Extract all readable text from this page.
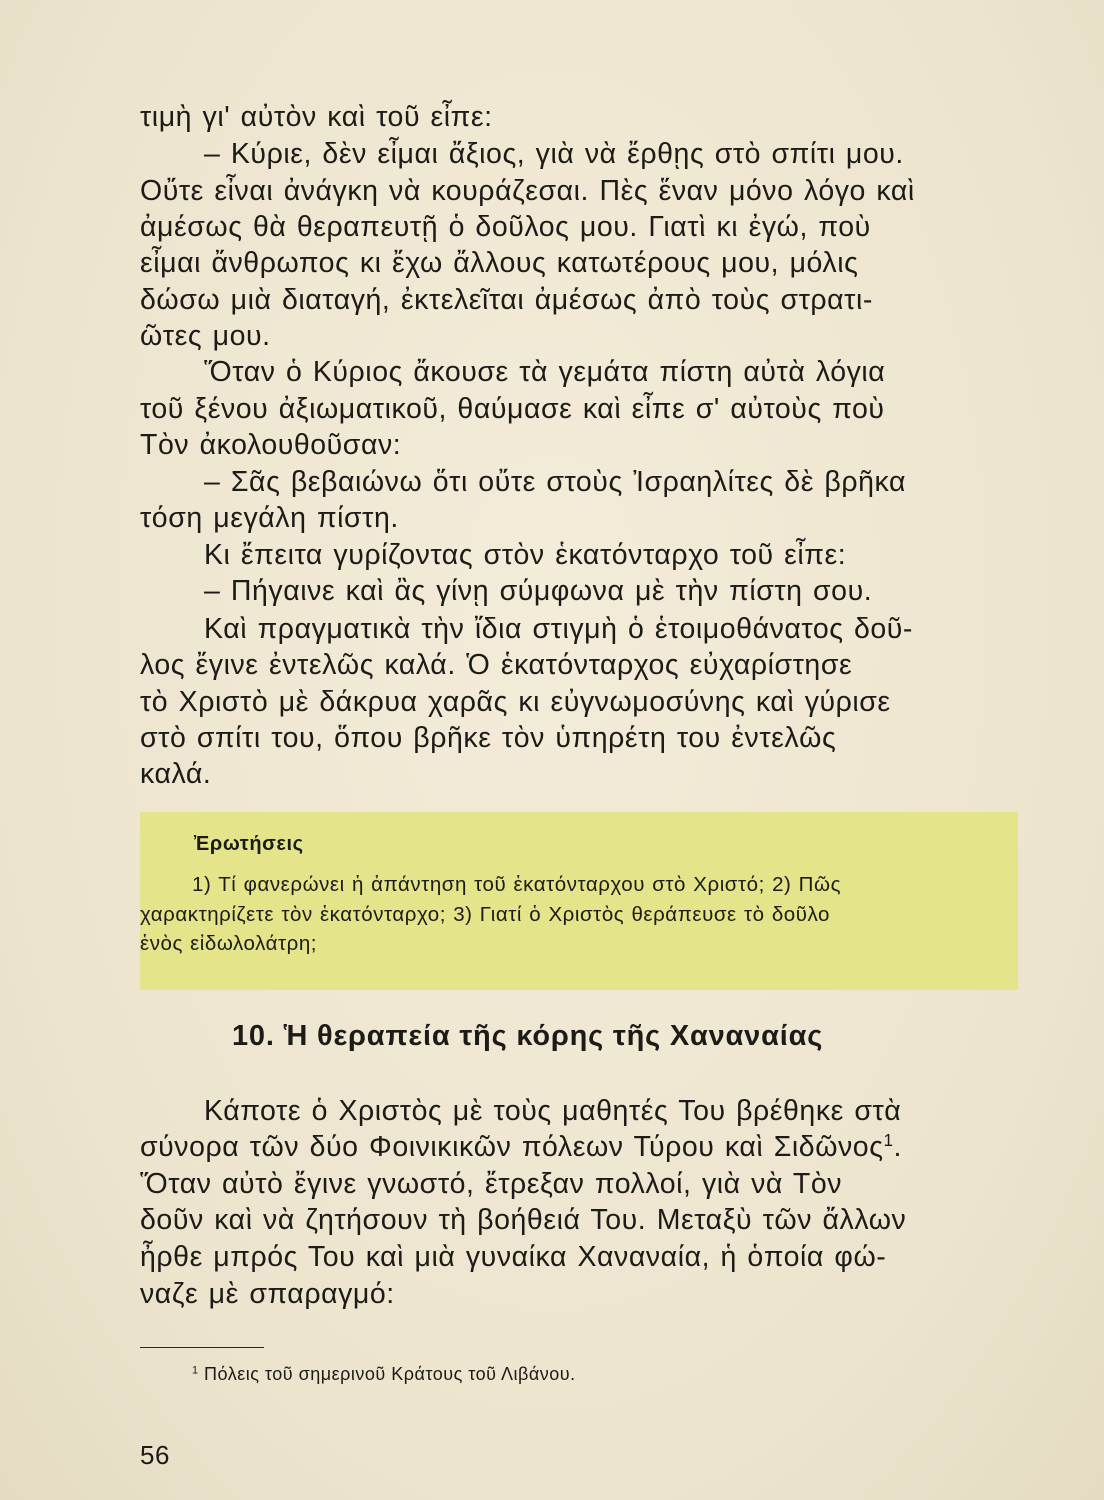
τιμὴ γι' αὐτὸν καὶ τοῦ εἶπε:
– Κύριε, δὲν εἶμαι ἄξιος, γιὰ νὰ ἔρθῃς στὸ σπίτι μου.
Οὔτε εἶναι ἀνάγκη νὰ κουράζεσαι. Πὲς ἕναν μόνο λόγο καὶ
ἀμέσως θὰ θεραπευτῇ ὁ δοῦλος μου. Γιατὶ κι ἐγώ, ποὺ
εἶμαι ἄνθρωπος κι ἔχω ἄλλους κατωτέρους μου, μόλις
δώσω μιὰ διαταγή, ἐκτελεῖται ἀμέσως ἀπὸ τοὺς στρατι-
ῶτες μου.
Ὅταν ὁ Κύριος ἄκουσε τὰ γεμάτα πίστη αὐτὰ λόγια
τοῦ ξένου ἀξιωματικοῦ, θαύμασε καὶ εἶπε σ' αὐτοὺς ποὺ
Τὸν ἀκολουθοῦσαν:
– Σᾶς βεβαιώνω ὅτι οὔτε στοὺς Ἰσραηλίτες δὲ βρῆκα
τόση μεγάλη πίστη.
Κι ἔπειτα γυρίζοντας στὸν ἑκατόνταρχο τοῦ εἶπε:
– Πήγαινε καὶ ἂς γίνῃ σύμφωνα μὲ τὴν πίστη σου.
Καὶ πραγματικὰ τὴν ἴδια στιγμὴ ὁ ἑτοιμοθάνατος δοῦ-
λος ἔγινε ἐντελῶς καλά. Ὁ ἑκατόνταρχος εὐχαρίστησε
τὸ Χριστὸ μὲ δάκρυα χαρᾶς κι εὐγνωμοσύνης καὶ γύρισε
στὸ σπίτι του, ὅπου βρῆκε τὸν ὑπηρέτη του ἐντελῶς
καλά.
Ἐρωτήσεις
1) Τί φανερώνει ἡ ἀπάντηση τοῦ ἑκατόνταρχου στὸ Χριστό; 2) Πῶς
χαρακτηρίζετε τὸν ἑκατόνταρχο; 3) Γιατί ὁ Χριστὸς θεράπευσε τὸ δοῦλο
ἑνὸς εἰδωλολάτρη;
10. Ἡ θεραπεία τῆς κόρης τῆς Χαναναίας
Κάποτε ὁ Χριστὸς μὲ τοὺς μαθητές Του βρέθηκε στὰ
σύνορα τῶν δύο Φοινικικῶν πόλεων Τύρου καὶ Σιδῶνος$^1$.
Ὅταν αὐτὸ ἔγινε γνωστό, ἔτρεξαν πολλοί, γιὰ νὰ Τὸν
δοῦν καὶ νὰ ζητήσουν τὴ βοήθειά Του. Μεταξὺ τῶν ἄλλων
ἦρθε μπρός Του καὶ μιὰ γυναίκα Χαναναία, ἡ ὁποία φώ-
ναζε μὲ σπαραγμό:
$^1$ Πόλεις τοῦ σημερινοῦ Κράτους τοῦ Λιβάνου.
56
